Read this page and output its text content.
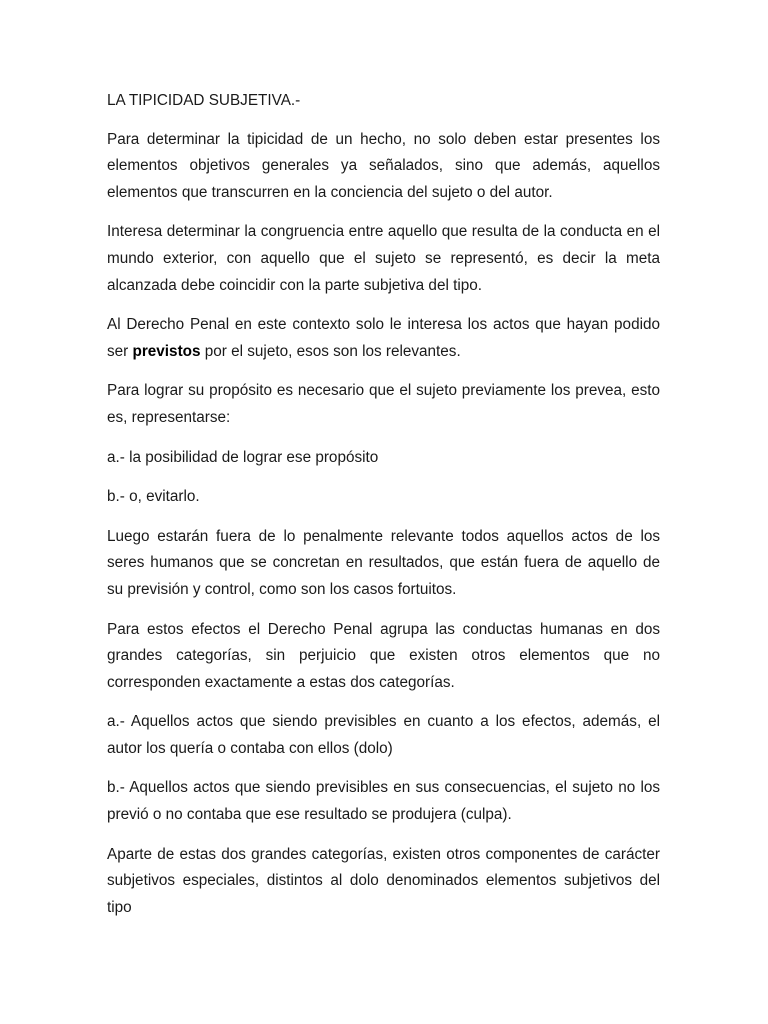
LA TIPICIDAD SUBJETIVA.-

Para determinar la tipicidad de un hecho, no solo deben estar presentes los elementos objetivos generales ya señalados, sino que además, aquellos elementos que transcurren en la conciencia del sujeto o del autor.

Interesa determinar la congruencia entre aquello que resulta de la conducta en el mundo exterior, con aquello que el sujeto se representó, es decir la meta alcanzada debe coincidir con la parte subjetiva del tipo.

Al Derecho Penal en este contexto solo le interesa los actos que hayan podido ser previstos por el sujeto, esos son los relevantes.

Para lograr su propósito es necesario que el sujeto previamente los prevea, esto es, representarse:

a.- la posibilidad de lograr ese propósito

b.- o, evitarlo.

Luego estarán fuera de lo penalmente relevante todos aquellos actos de los seres humanos que se concretan en resultados, que están fuera de aquello de su previsión y control, como son los casos fortuitos.

Para estos efectos el Derecho Penal agrupa las conductas humanas en dos grandes categorías, sin perjuicio que existen otros elementos que no corresponden exactamente a estas dos categorías.

a.- Aquellos actos que siendo previsibles en cuanto a los efectos, además, el autor los quería o contaba con ellos (dolo)

b.- Aquellos actos que siendo previsibles en sus consecuencias, el sujeto no los previó o no contaba que ese resultado se produjera (culpa).

Aparte de estas dos grandes categorías, existen otros componentes de carácter subjetivos especiales, distintos al dolo denominados elementos subjetivos del tipo
